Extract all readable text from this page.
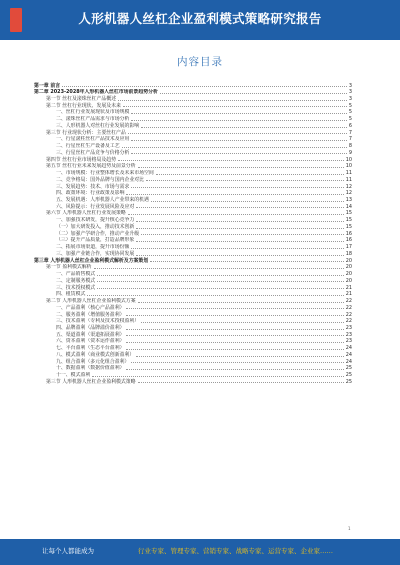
人形机器人丝杠企业盈利模式策略研究报告
内容目录
第一章 前言	3
第二章 2023-2028年人形机器人丝杠市场前景趋势分析	3
第一节 丝杠及滚珠丝杠产品概述	3
第二节 丝杠行业现状、发展及未来	5
一、丝杠行业发展现状及市场规模	5
二、滚珠丝杠产品需求与市场分析	5
三、人形机器人对丝杠行业发展的影响	6
第三节 行业现状分析：主要丝杠产品	7
一、行星滚柱丝杠产品技术及应用	7
二、行星丝杠生产设备及工艺	8
三、行星丝杠产品竞争与价格分析	9
第四节 丝杠行业市场格局及趋势	10
第五节 丝杠行业未来发展趋势及前景分析	10
一、市场规模：行业整体增长及未来市场空间	11
二、竞争格局：国外品牌与国内企业对比	11
三、发展趋势：技术、市场与需求	12
四、政策环境：行业政策及影响	12
五、发展机遇：人形机器人产业带来的机遇	13
六、风险提示：行业发展风险及应对	14
第六节 人形机器人丝杠行业发展策略	15
一、加强技术研发，提升核心竞争力	15
（一）加大研发投入，推动技术创新	15
（二）加强产学研合作，推动产业升级	16
（三）提升产品质量，打造品牌形象	16
二、拓展市场渠道，提升市场份额	17
三、加强产业链合作，实现协同发展	18
第三章 人形机器人丝杠企业盈利模式解析及方案策划	20
第一节 盈利模式解析	20
一、产品销售模式	20
二、定制服务模式	20
三、技术授权模式	21
四、租赁模式	21
第二节 人形机器人丝杠企业盈利模式方案	22
一、产品盈利（核心产品盈利）	22
二、服务盈利（增值服务盈利）	22
三、技术盈利（专利及技术授权盈利）	22
四、品牌盈利（品牌溢价盈利）	23
五、渠道盈利（渠道拓展盈利）	23
六、资本盈利（资本运作盈利）	23
七、平台盈利（生态平台盈利）	24
八、模式盈利（商业模式创新盈利）	24
九、组合盈利（多元化组合盈利）	24
十、数据盈利（数据价值盈利）	25
十一、模式盈利	25
第三节 人形机器人丝杠企业盈利模式策略	25
1
让每个人都能成为	行业专家、管理专家、营销专家、战略专家、运营专家、企业家……
